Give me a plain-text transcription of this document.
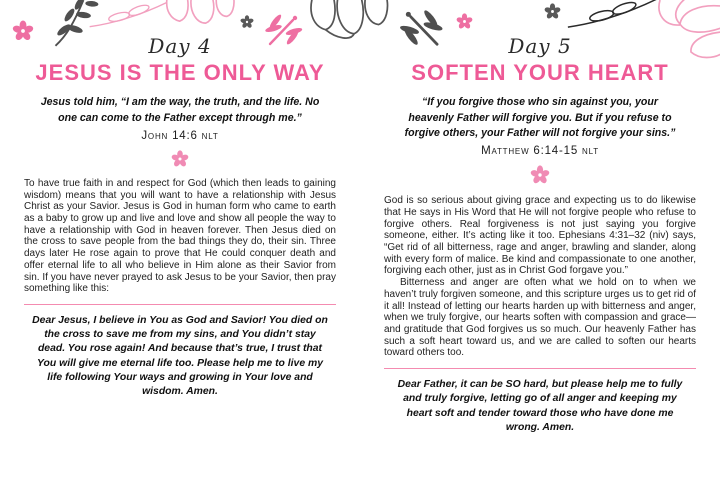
Day 4
JESUS IS THE ONLY WAY
Jesus told him, “I am the way, the truth, and the life. No one can come to the Father except through me.”
John 14:6 nlt

To have true faith in and respect for God (which then leads to gaining wisdom) means that you will want to have a relationship with Jesus Christ as your Savior. Jesus is God in human form who came to earth as a baby to grow up and live and love and show all people the way to have a relationship with God in heaven forever. Then Jesus died on the cross to save people from the bad things they do, their sin. Three days later He rose again to prove that He could conquer death and offer eternal life to all who believe in Him alone as their Savior from sin. If you have never prayed to ask Jesus to be your Savior, then pray something like this:

Dear Jesus, I believe in You as God and Savior! You died on the cross to save me from my sins, and You didn’t stay dead. You rose again! And because that’s true, I trust that You will give me eternal life too. Please help me to live my life following Your ways and growing in Your love and wisdom. Amen.
Day 5
SOFTEN YOUR HEART
“If you forgive those who sin against you, your heavenly Father will forgive you. But if you refuse to forgive others, your Father will not forgive your sins.”
Matthew 6:14-15 nlt

God is so serious about giving grace and expecting us to do likewise that He says in His Word that He will not forgive people who refuse to forgive others. Real forgiveness is not just saying you forgive someone, either. It’s acting like it too. Ephesians 4:31–32 (niv) says, “Get rid of all bitterness, rage and anger, brawling and slander, along with every form of malice. Be kind and compassionate to one another, forgiving each other, just as in Christ God forgave you.”

Bitterness and anger are often what we hold on to when we haven’t truly forgiven someone, and this scripture urges us to get rid of it all! Instead of letting our hearts harden up with bitterness and anger, when we truly forgive, our hearts soften with compassion and grace—and gratitude that God forgives us so much. Our heavenly Father has such a soft heart toward us, and we are called to soften our hearts toward others too.

Dear Father, it can be SO hard, but please help me to fully and truly forgive, letting go of all anger and keeping my heart soft and tender toward those who have done me wrong. Amen.
